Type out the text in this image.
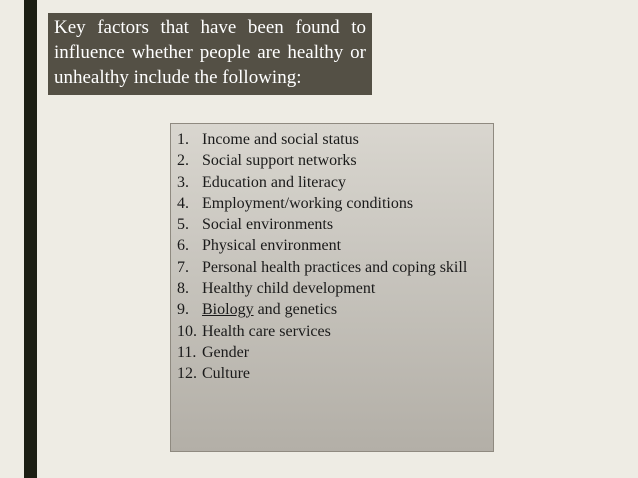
Key factors that have been found to influence whether people are healthy or unhealthy include the following:

1. Income and social status
2. Social support networks
3. Education and literacy
4. Employment/working conditions
5. Social environments
6. Physical environment
7. Personal health practices and coping skill
8. Healthy child development
9. Biology and genetics
10. Health care services
11. Gender
12. Culture
